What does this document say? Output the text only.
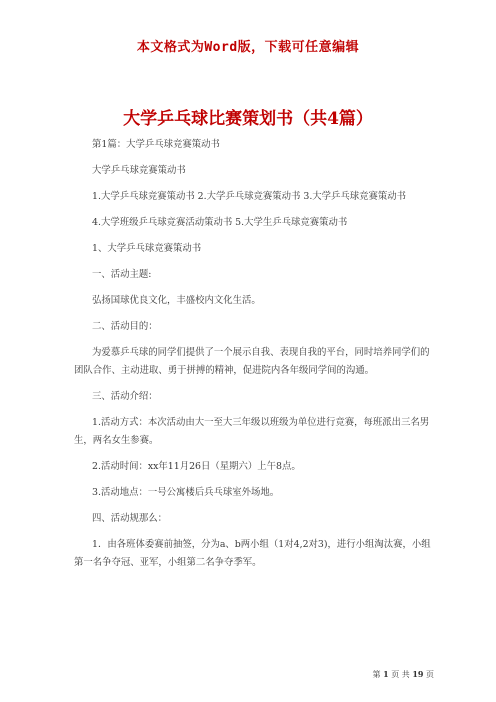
本文格式为Word版，下载可任意编辑
大学乒乓球比赛策划书（共4篇）

第1篇：大学乒乓球竞赛策动书

大学乒乓球竞赛策动书

1.大学乒乓球竞赛策动书 2.大学乒乓球竞赛策动书 3.大学乒乓球竞赛策动书

4.大学班级乒乓球竞赛活动策动书 5.大学生乒乓球竞赛策动书

1、大学乒乓球竞赛策动书

一、活动主题:

弘扬国球优良文化，丰盛校内文化生活。

二、活动目的：

为爱慕乒乓球的同学们提供了一个展示自我、表现自我的平台，同时培养同学们的团队合作、主动进取、勇于拼搏的精神，促进院内各年级同学间的沟通。

三、活动介绍：

1.活动方式：本次活动由大一至大三年级以班级为单位进行竞赛，每班派出三名男生，两名女生参赛。

2.活动时间：xx年11月26日（星期六）上午8点。

3.活动地点：一号公寓楼后兵乓球室外场地。

四、活动规那么：

1．由各班体委赛前抽签，分为a、b两小组（1对4,2对3)，进行小组淘汰赛，小组第一名争夺冠、亚军，小组第二名争夺季军。

第 1 页 共 19 页
